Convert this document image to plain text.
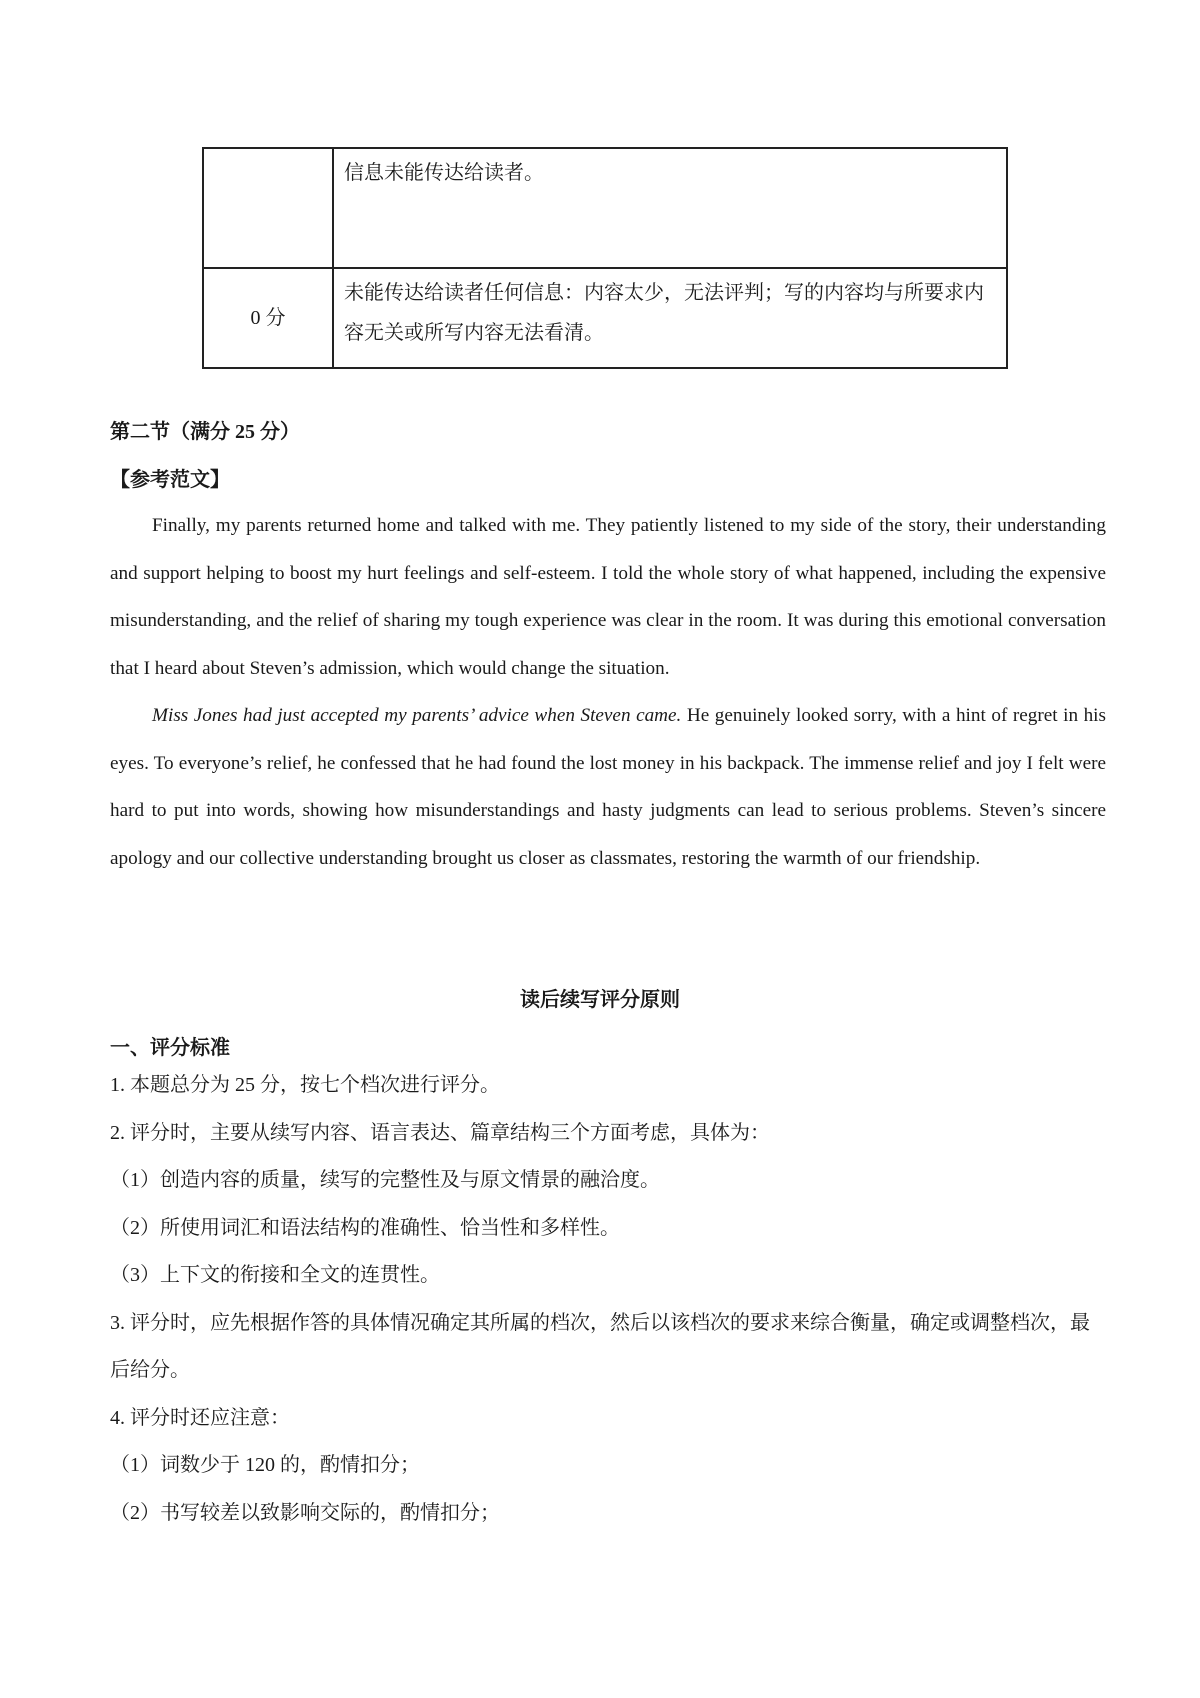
	信息未能传达给读者。
0 分	未能传达给读者任何信息：内容太少，无法评判；写的内容均与所要求内容无关或所写内容无法看清。
第二节（满分 25 分）
【参考范文】

Finally, my parents returned home and talked with me. They patiently listened to my side of the story, their understanding and support helping to boost my hurt feelings and self-esteem. I told the whole story of what happened, including the expensive misunderstanding, and the relief of sharing my tough experience was clear in the room. It was during this emotional conversation that I heard about Steven’s admission, which would change the situation.

Miss Jones had just accepted my parents’ advice when Steven came. He genuinely looked sorry, with a hint of regret in his eyes. To everyone’s relief, he confessed that he had found the lost money in his backpack. The immense relief and joy I felt were hard to put into words, showing how misunderstandings and hasty judgments can lead to serious problems. Steven’s sincere apology and our collective understanding brought us closer as classmates, restoring the warmth of our friendship.

读后续写评分原则
一、评分标准
1. 本题总分为 25 分，按七个档次进行评分。
2. 评分时，主要从续写内容、语言表达、篇章结构三个方面考虑，具体为：
（1）创造内容的质量，续写的完整性及与原文情景的融洽度。
（2）所使用词汇和语法结构的准确性、恰当性和多样性。
（3）上下文的衔接和全文的连贯性。
3. 评分时，应先根据作答的具体情况确定其所属的档次，然后以该档次的要求来综合衡量，确定或调整档次，最后给分。
4. 评分时还应注意：
（1）词数少于 120 的，酌情扣分；
（2）书写较差以致影响交际的，酌情扣分；
